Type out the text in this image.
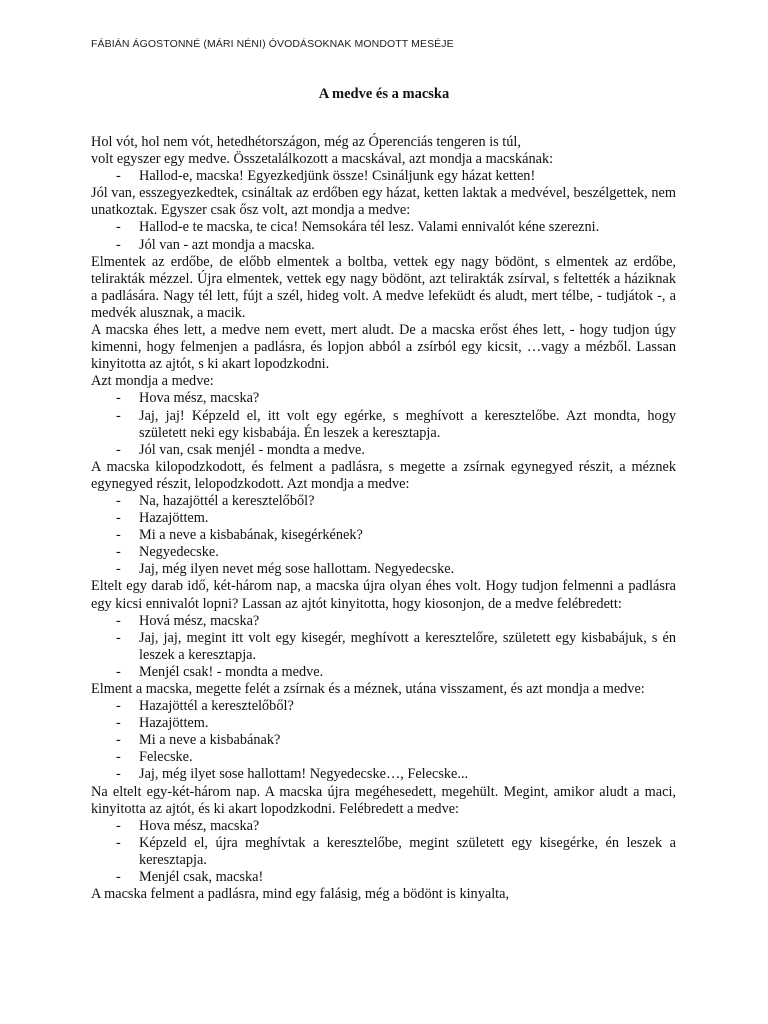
FÁBIÁN ÁGOSTONNÉ (MÁRI NÉNI) ÓVODÁSOKNAK MONDOTT MESÉJE
A medve és a macska
Hol vót, hol nem vót, hetedhétországon, még az Óperenciás tengeren is túl,
volt egyszer egy medve. Összetalálkozott a macskával, azt mondja a macskának:
- Hallod-e, macska! Egyezkedjünk össze! Csináljunk egy házat ketten!
Jól van, esszegyezkedtek, csináltak az erdőben egy házat, ketten laktak a medvével, beszélgettek, nem unatkoztak. Egyszer csak ősz volt, azt mondja a medve:
- Hallod-e te macska, te cica! Nemsokára tél lesz. Valami ennivalót kéne szerezni.
- Jól van - azt mondja a macska.
Elmentek az erdőbe, de előbb elmentek a boltba, vettek egy nagy bödönt, s elmentek az erdőbe, telirakták mézzel. Újra elmentek, vettek egy nagy bödönt, azt telirakták zsírval, s feltették a háziknak a padlására. Nagy tél lett, fújt a szél, hideg volt. A medve lefeküdt és aludt, mert télbe, - tudjátok -, a medvék alusznak, a macik.
A macska éhes lett, a medve nem evett, mert aludt. De a macska erőst éhes lett, - hogy tudjon úgy kimenni, hogy felmenjen a padlásra, és lopjon abból a zsírból egy kicsit, …vagy a mézből. Lassan kinyitotta az ajtót, s ki akart lopodzkodni.
Azt mondja a medve:
- Hova mész, macska?
- Jaj, jaj! Képzeld el, itt volt egy egérke, s meghívott a keresztelőbe. Azt mondta, hogy született neki egy kisbabája. Én leszek a keresztapja.
- Jól van, csak menjél - mondta a medve.
A macska kilopodzkodott, és felment a padlásra, s megette a zsírnak egynegyed részit, a méznek egynegyed részit, lelopodzkodott. Azt mondja a medve:
- Na, hazajöttél a keresztelőből?
- Hazajöttem.
- Mi a neve a kisbabának, kisegérkének?
- Negyedecske.
- Jaj, még ilyen nevet még sose hallottam. Negyedecske.
Eltelt egy darab idő, két-három nap, a macska újra olyan éhes volt. Hogy tudjon felmenni a padlásra egy kicsi ennivalót lopni? Lassan az ajtót kinyitotta, hogy kiosonjon, de a medve felébredett:
- Hová mész, macska?
- Jaj, jaj, megint itt volt egy kisegér, meghívott a keresztelőre, született egy kisbabájuk, s én leszek a keresztapja.
- Menjél csak! - mondta a medve.
Elment a macska, megette felét a zsírnak és a méznek, utána visszament, és azt mondja a medve:
- Hazajöttél a keresztelőből?
- Hazajöttem.
- Mi a neve a kisbabának?
- Felecske.
- Jaj, még ilyet sose hallottam! Negyedecske…, Felecske...
Na eltelt egy-két-három nap. A macska újra megéhesedett, megehült. Megint, amikor aludt a maci, kinyitotta az ajtót, és ki akart lopodzkodni. Felébredett a medve:
- Hova mész, macska?
- Képzeld el, újra meghívtak a keresztelőbe, megint született egy kisegérke, én leszek a keresztapja.
- Menjél csak, macska!
A macska felment a padlásra, mind egy falásig, még a bödönt is kinyalta,
